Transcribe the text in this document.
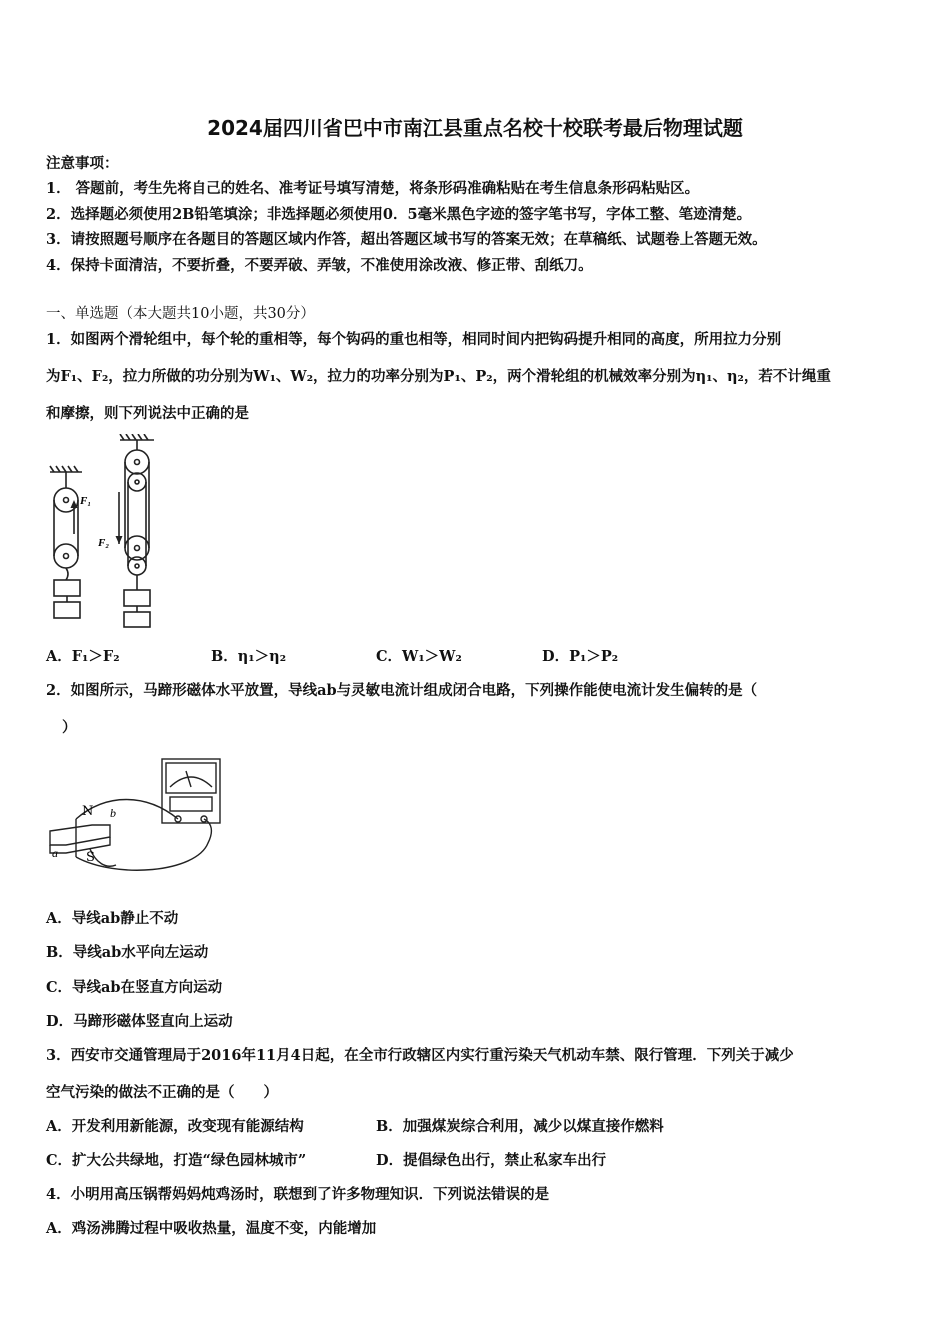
2024届四川省巴中市南江县重点名校十校联考最后物理试题
注意事项：
1． 答题前，考生先将自己的姓名、准考证号填写清楚，将条形码准确粘贴在考生信息条形码粘贴区。
2．选择题必须使用2B铅笔填涂；非选择题必须使用0．5毫米黑色字迹的签字笔书写，字体工整、笔迹清楚。
3．请按照题号顺序在各题目的答题区域内作答，超出答题区域书写的答案无效；在草稿纸、试题卷上答题无效。
4．保持卡面清洁，不要折叠，不要弄破、弄皱，不准使用涂改液、修正带、刮纸刀。
一、单选题（本大题共10小题，共30分）
1．如图两个滑轮组中，每个轮的重相等，每个钩码的重也相等，相同时间内把钩码提升相同的高度，所用拉力分别
为F₁、F₂，拉力所做的功分别为W₁、W₂，拉力的功率分别为P₁、P₂，两个滑轮组的机械效率分别为η₁、η₂，若不计绳重
和摩擦，则下列说法中正确的是
F₁
F₂
A．F₁＞F₂	B．η₁＞η₂	C．W₁＞W₂	D．P₁＞P₂
2．如图所示，马蹄形磁体水平放置，导线ab与灵敏电流计组成闭合电路，下列操作能使电流计发生偏转的是（
）
N
S
a
b
A．导线ab静止不动
B．导线ab水平向左运动
C．导线ab在竖直方向运动
D．马蹄形磁体竖直向上运动
3．西安市交通管理局于2016年11月4日起，在全市行政辖区内实行重污染天气机动车禁、限行管理．下列关于减少
空气污染的做法不正确的是（　　）
A．开发利用新能源，改变现有能源结构	B．加强煤炭综合利用，减少以煤直接作燃料
C．扩大公共绿地，打造“绿色园林城市”	D．提倡绿色出行，禁止私家车出行
4．小明用高压锅帮妈妈炖鸡汤时，联想到了许多物理知识．下列说法错误的是
A．鸡汤沸腾过程中吸收热量，温度不变，内能增加
